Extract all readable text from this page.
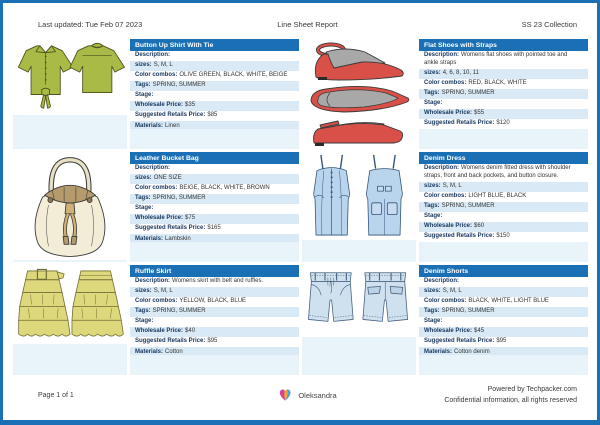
Last updated: Tue Feb 07 2023	Line Sheet Report	SS 23 Collection
Button Up Shirt With Tie
Description:
sizes: S, M, L
Color combos: OLIVE GREEN, BLACK, WHITE, BEIGE
Tags: SPRING, SUMMER
Stage:
Wholesale Price: $35
Suggested Retails Price: $85
Materials: Linen
Flat Shoes with Straps
Description: Womens flat shoes with pointed toe and ankle straps
sizes: 4, 6, 8, 10, 11
Color combos: RED, BLACK, WHITE
Tags: SPRING, SUMMER
Stage:
Wholesale Price: $55
Suggested Retails Price: $120
Leather Bucket Bag
Description:
sizes: ONE SIZE
Color combos: BEIGE, BLACK, WHITE, BROWN
Tags: SPRING, SUMMER
Stage:
Wholesale Price: $75
Suggested Retails Price: $165
Materials: Lambskin
Denim Dress
Description: Womens denim fitted dress with shoulder straps, front and back pockets, and button closure.
sizes: S, M, L
Color combos: LIGHT BLUE, BLACK
Tags: SPRING, SUMMER
Stage:
Wholesale Price: $60
Suggested Retails Price: $150
Ruffle Skirt
Description: Womens skirt with belt and ruffles.
sizes: S, M, L
Color combos: YELLOW, BLACK, BLUE
Tags: SPRING, SUMMER
Stage:
Wholesale Price: $40
Suggested Retails Price: $95
Materials: Cotton
Denim Shorts
Description:
sizes: S, M, L
Color combos: BLACK, WHITE, LIGHT BLUE
Tags: SPRING, SUMMER
Stage:
Wholesale Price: $45
Suggested Retails Price: $95
Materials: Cotton denim
Page 1 of 1	Oleksandra
Powered by Techpacker.com
Confidential information, all rights reserved
